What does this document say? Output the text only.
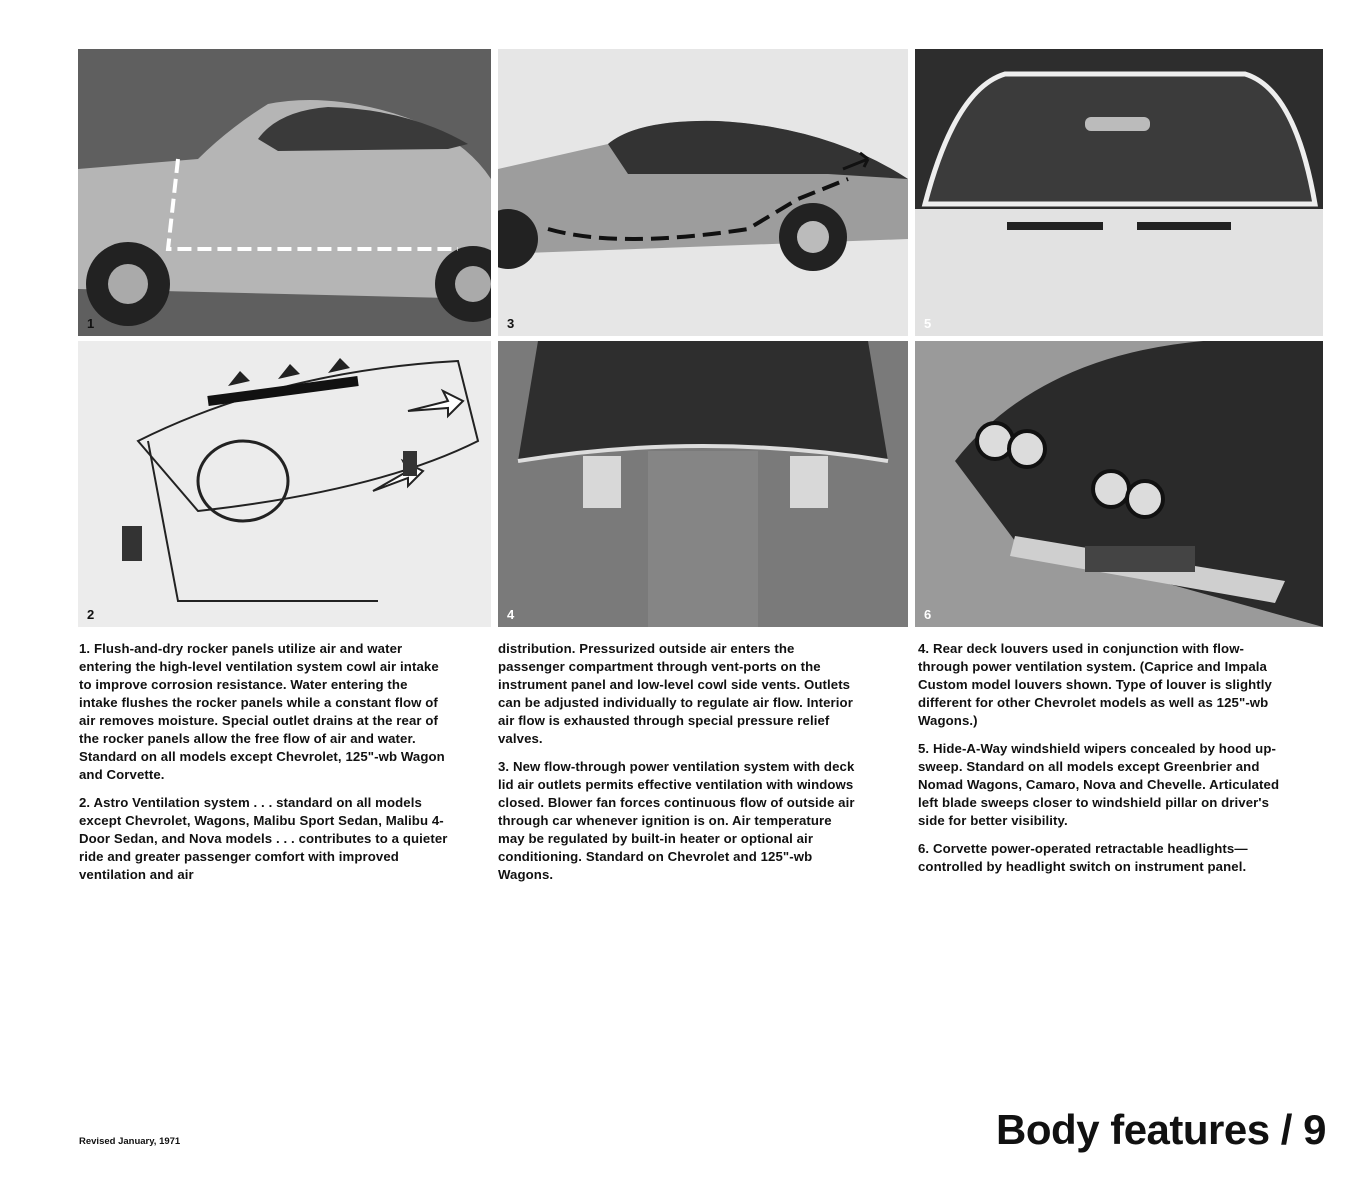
1
2
3
4
5
6

1. Flush-and-dry rocker panels utilize air and water entering the high-level ventilation system cowl air intake to improve corrosion resistance. Water entering the intake flushes the rocker panels while a constant flow of air removes moisture. Special outlet drains at the rear of the rocker panels allow the free flow of air and water. Standard on all models except Chevrolet, 125"-wb Wagon and Corvette.

2. Astro Ventilation system . . . standard on all models except Chevrolet, Wagons, Malibu Sport Sedan, Malibu 4-Door Sedan, and Nova models . . . contributes to a quieter ride and greater passenger comfort with improved ventilation and air

distribution. Pressurized outside air enters the passenger compartment through vent-ports on the instrument panel and low-level cowl side vents. Outlets can be adjusted individually to regulate air flow. Interior air flow is exhausted through special pressure relief valves.

3. New flow-through power ventilation system with deck lid air outlets permits effective ventilation with windows closed. Blower fan forces continuous flow of outside air through car whenever ignition is on. Air temperature may be regulated by built-in heater or optional air conditioning. Standard on Chevrolet and 125"-wb Wagons.

4. Rear deck louvers used in conjunction with flow-through power ventilation system. (Caprice and Impala Custom model louvers shown. Type of louver is slightly different for other Chevrolet models as well as 125"-wb Wagons.)

5. Hide-A-Way windshield wipers concealed by hood up-sweep. Standard on all models except Greenbrier and Nomad Wagons, Camaro, Nova and Chevelle. Articulated left blade sweeps closer to windshield pillar on driver's side for better visibility.

6. Corvette power-operated retractable headlights—controlled by headlight switch on instrument panel.

Revised January, 1971	Body features / 9
